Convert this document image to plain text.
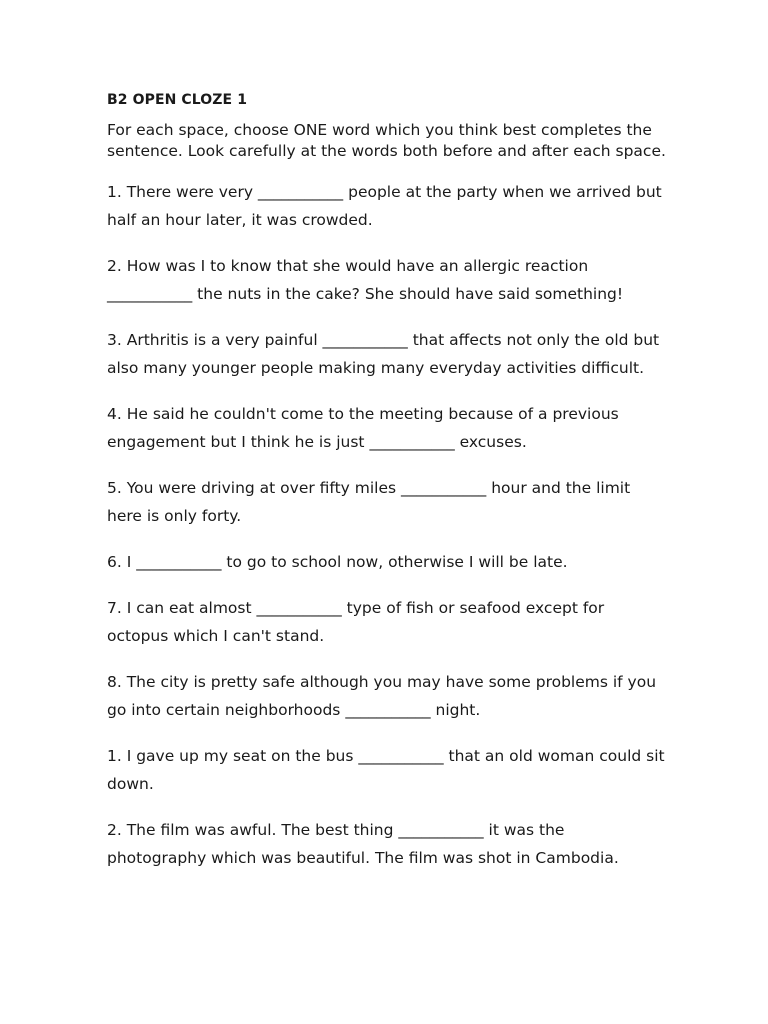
B2 OPEN CLOZE 1
For each space, choose ONE word which you think best completes the sentence. Look carefully at the words both before and after each space.
1. There were very ___________ people at the party when we arrived but half an hour later, it was crowded.
2. How was I to know that she would have an allergic reaction ___________ the nuts in the cake? She should have said something!
3. Arthritis is a very painful ___________ that affects not only the old but also many younger people making many everyday activities difficult.
4. He said he couldn't come to the meeting because of a previous engagement but I think he is just ___________ excuses.
5. You were driving at over fifty miles ___________ hour and the limit here is only forty.
6. I ___________ to go to school now, otherwise I will be late.
7. I can eat almost ___________ type of fish or seafood except for octopus which I can't stand.
8. The city is pretty safe although you may have some problems if you go into certain neighborhoods ___________ night.
1. I gave up my seat on the bus ___________ that an old woman could sit down.
2. The film was awful. The best thing ___________ it was the photography which was beautiful. The film was shot in Cambodia.
